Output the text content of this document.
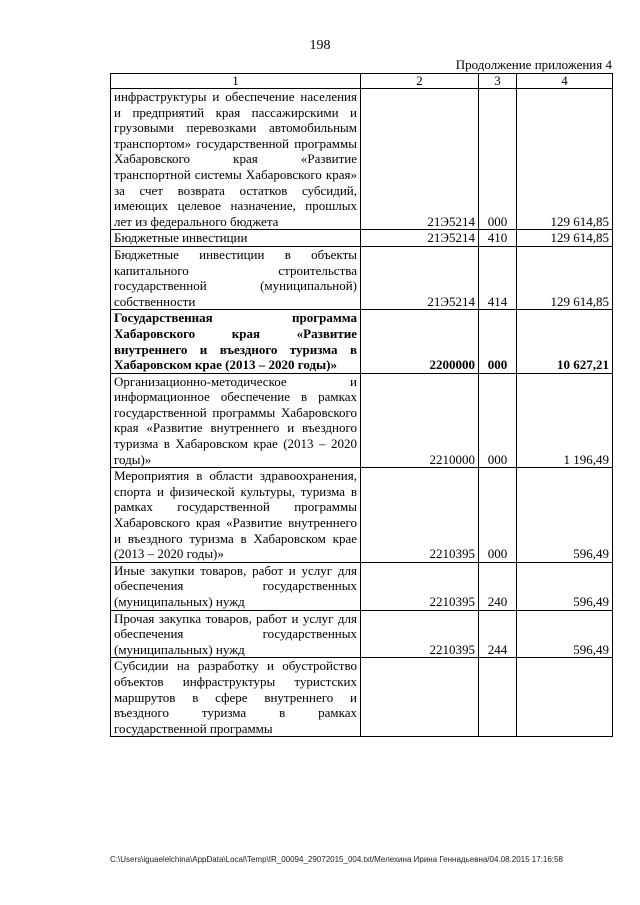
198
Продолжение приложения 4
1	2	3	4
инфраструктуры и обеспечение населения и предприятий края пассажирскими и грузовыми перевозками автомобильным транспортом» государственной программы Хабаровского края «Развитие транспортной системы Хабаровского края» за счет возврата остатков субсидий, имеющих целевое назначение, прошлых лет из федерального бюджета	21Э5214	000	129 614,85
Бюджетные инвестиции	21Э5214	410	129 614,85
Бюджетные инвестиции в объекты капитального строительства государственной (муниципальной) собственности	21Э5214	414	129 614,85
Государственная программа Хабаровского края «Развитие внутреннего и въездного туризма в Хабаровском крае (2013 – 2020 годы)»	2200000	000	10 627,21
Организационно-методическое и информационное обеспечение в рамках государственной программы Хабаровского края «Развитие внутреннего и въездного туризма в Хабаровском крае (2013 – 2020 годы)»	2210000	000	1 196,49
Мероприятия в области здравоохранения, спорта и физической культуры, туризма в рамках государственной программы Хабаровского края «Развитие внутреннего и въездного туризма в Хабаровском крае (2013 – 2020 годы)»	2210395	000	596,49
Иные закупки товаров, работ и услуг для обеспечения государственных (муниципальных) нужд	2210395	240	596,49
Прочая закупка товаров, работ и услуг для обеспечения государственных (муниципальных) нужд	2210395	244	596,49
Субсидии на разработку и обустройство объектов инфраструктуры туристских маршрутов в сфере внутреннего и въездного туризма в рамках государственной программы			
C:\Users\iguaelelchina\AppData\Local\Temp\IR_00094_29072015_004.txt/Мелехина Ирина Геннадьевна/04.08.2015 17:16:58
